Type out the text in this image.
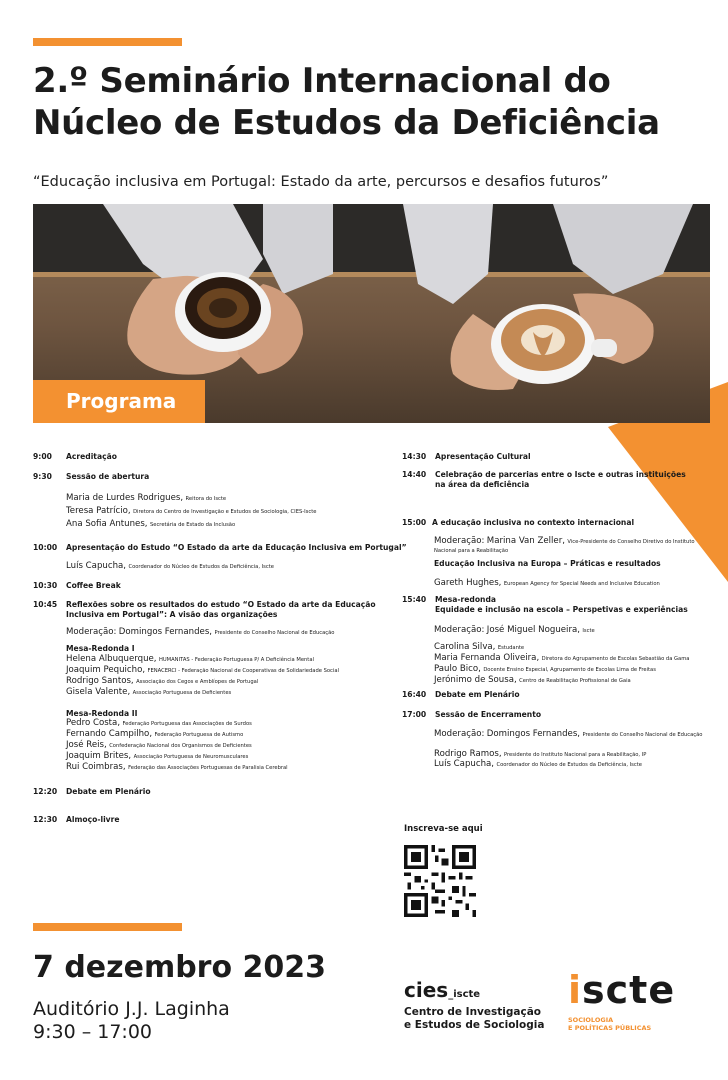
2.º Seminário Internacional do
Núcleo de Estudos da Deficiência
“Educação inclusiva em Portugal: Estado da arte, percursos e desafios futuros”
Programa
9:00	Acreditação
9:30	Sessão de abertura
Maria de Lurdes Rodrigues, Reitora do Iscte
Teresa Patrício, Diretora do Centro de Investigação e Estudos de Sociologia, CIES-Iscte
Ana Sofia Antunes, Secretária de Estado da Inclusão
10:00	Apresentação do Estudo “O Estado da arte da Educação Inclusiva em Portugal”
Luís Capucha, Coordenador do Núcleo de Estudos da Deficiência, Iscte
10:30	Coffee Break
10:45	Reflexões sobre os resultados do estudo “O Estado da arte da Educação
Inclusiva em Portugal”: A visão das organizações
Moderação: Domingos Fernandes, Presidente do Conselho Nacional de Educação
Mesa-Redonda I
Helena Albuquerque, HUMANITAS - Federação Portuguesa P/ A Deficiência Mental
Joaquim Pequicho, FENACERCI - Federação Nacional de Cooperativas de Solidariedade Social
Rodrigo Santos, Associação dos Cegos e Amblíopes de Portugal
Gisela Valente, Associação Portuguesa de Deficientes
Mesa-Redonda II
Pedro Costa, Federação Portuguesa das Associações de Surdos
Fernando Campilho, Federação Portuguesa de Autismo
José Reis, Confederação Nacional dos Organismos de Deficientes
Joaquim Brites, Associação Portuguesa de Neuromusculares
Rui Coimbras, Federação das Associações Portuguesas de Paralisia Cerebral
12:20	Debate em Plenário
12:30	Almoço-livre
14:30	Apresentação Cultural
14:40	Celebração de parcerias entre o Iscte e outras instituições
na área da deficiência
15:00 A educação inclusiva no contexto internacional
Moderação: Marina Van Zeller, Vice-Presidente do Conselho Diretivo do Instituto
Nacional para a Reabilitação
Educação Inclusiva na Europa – Práticas e resultados
Gareth Hughes, European Agency for Special Needs and Inclusive Education
15:40	Mesa-redonda
Equidade e inclusão na escola – Perspetivas e experiências
Moderação: José Miguel Nogueira, Iscte
Carolina Silva, Estudante
Maria Fernanda Oliveira, Diretora do Agrupamento de Escolas Sebastião da Gama
Paulo Bico, Docente Ensino Especial, Agrupamento de Escolas Lima de Freitas
Jerónimo de Sousa, Centro de Reabilitação Profissional de Gaia
16:40	Debate em Plenário
17:00	Sessão de Encerramento
Moderação: Domingos Fernandes, Presidente do Conselho Nacional de Educação
Rodrigo Ramos, Presidente do Instituto Nacional para a Reabilitação, IP
Luís Capucha, Coordenador do Núcleo de Estudos da Deficiência, Iscte
Inscreva-se aqui
7 dezembro 2023
Auditório J.J. Laginha
9:30 – 17:00
cies_iscte
Centro de Investigação
e Estudos de Sociologia
iscte
SOCIOLOGIA
E POLÍTICAS PÚBLICAS
